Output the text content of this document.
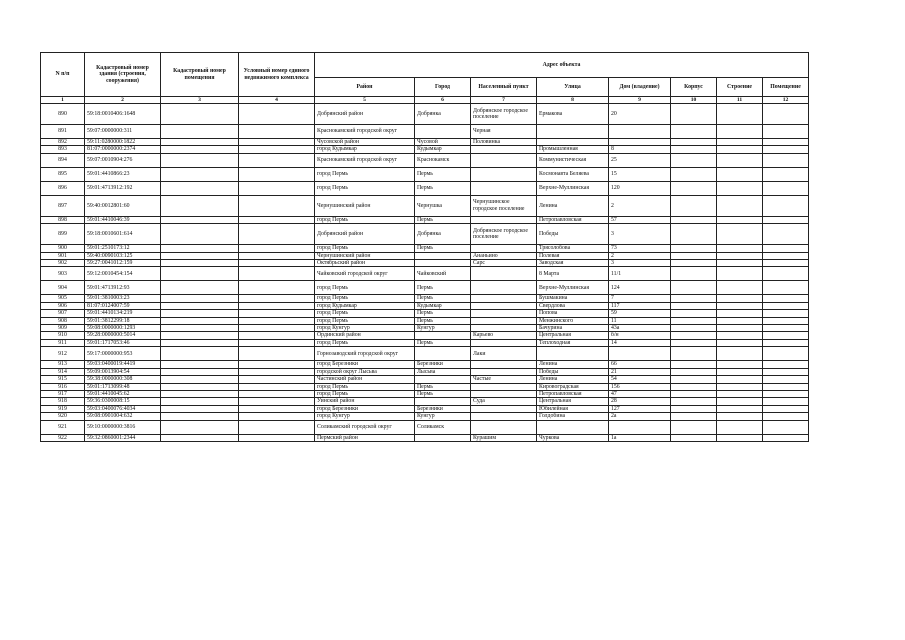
N п/п	Кадастровый номер здания (строения, сооружения)	Кадастровый номер помещения	Условный номер единого недвижимого комплекса	Адрес объекта							
				Район	Город	Населенный пункт	Улица	Дом (владение)	Корпус	Строение	Помещение
1	2	3	4	5	6	7	8	9	10	11	12
890	59:18:0010406:1648			Добрянский район	Добрянка	Добрянское городское поселение	Ермакова	20			
891	59:07:0000000:311			Краснокамский городской округ		Черная					
892	59:11:0280000:1822			Чусовской район	Чусовой	Половинка					
893	81:07:0000000:2374			город Кудымкар	Кудымкар		Промышленная	8			
894	59:07:0010904:276			Краснокамский городской округ	Краснокамск		Коммунистическая	25			
895	59:01:4410866:23			город Пермь	Пермь		Космонавта Беляева	15			
896	59:01:4713912:192			город Пермь	Пермь		Верхне-Муллинская	120			
897	59:40:0012801:60			Чернушинский район	Чернушка	Чернушинское городское поселение	Ленина	2			
898	59:01:4410046:39			город Пермь	Пермь		Петропавловская	57			
899	59:18:0010601:614			Добрянский район	Добрянка	Добрянское городское поселение	Победы	3			
900	59:01:2510173:12			город Пермь	Пермь		Трясолобова	73			
901	59:40:0090103:125			Чернушинский район		Ананьино	Полевая	2			
902	59:27:0041012:159			Октябрьский район		Сарс	Заводская	3			
903	59:12:0010454:154			Чайковский городской округ	Чайковский		8 Марта	11/1			
904	59:01:4713912:93			город Пермь	Пермь		Верхне-Муллинская	124			
905	59:01:3810003:23			город Пермь	Пермь		Бушмакина	7			
906	81:07:0124007:59			город Кудымкар	Кудымкар		Свердлова	117			
907	59:01:4410134:219			город Пермь	Пермь		Попова	59			
908	59:01:3812299:18			город Пермь	Пермь		Менжинского	11			
909	59:08:0000000:1293			город Кунгур	Кунгур		Бачурина	43а			
910	59:28:0000000:5014			Ординский район		Карьево	Центральная	б/н			
911	59:01:1717053:46			город Пермь	Пермь		Теплоходная	14			
912	59:17:0000000:953			Горнозаводский городской округ		Лаки					
913	59:03:0400019:4419			город Березники	Березники		Ленина	66			
914	59:09:0013904:54			городской округ Лысьва	Лысьва		Победы	21			
915	59:38:0000000:308			Частинский район		Частые	Ленина	54			
916	59:01:1713099:48			город Пермь	Пермь		Кировоградская	156			
917	59:01:4410045:62			город Пермь	Пермь		Петропавловская	47			
918	59:36:0300008:15			Уинский район		Суда	Центральная	28			
919	59:03:0400076:4034			город Березники	Березники		Юбилейная	127			
920	59:08:0901004:632			город Кунгур	Кунгур		Голдобина	2а			
921	59:10:0000000:3816			Соликамский городской округ	Соликамск						
922	59:32:0860001:2344			Пермский район		Курашим	Чуркова	1а			
